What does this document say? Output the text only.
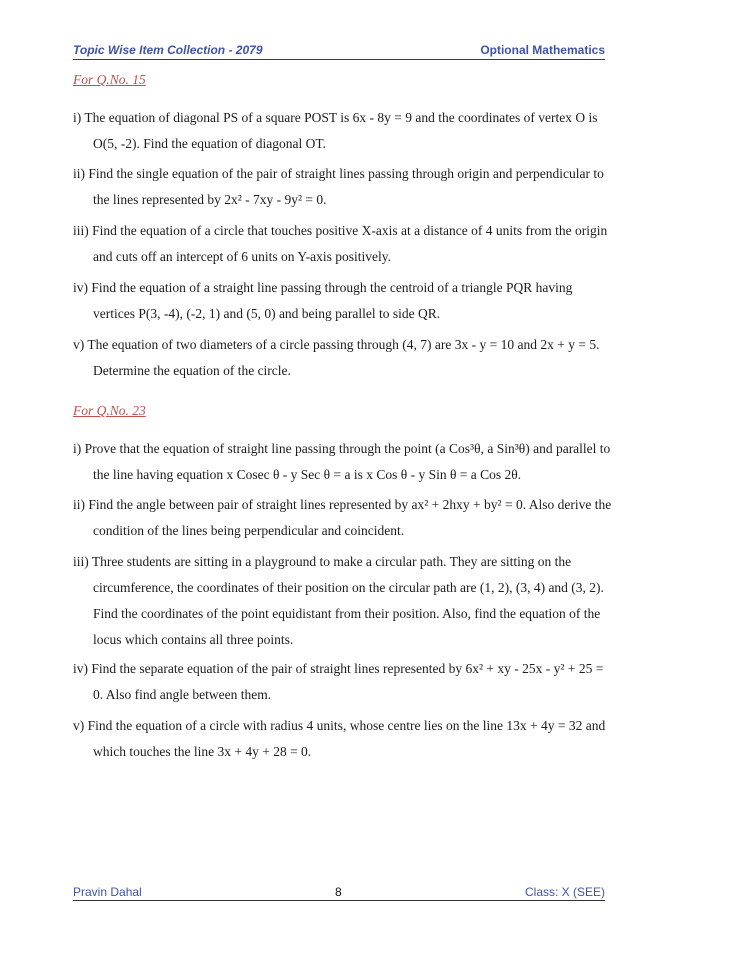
Topic Wise Item Collection - 2079	Optional Mathematics
For Q.No. 15
i) The equation of diagonal PS of a square POST is 6x - 8y = 9 and the coordinates of vertex O is
O(5, -2). Find the equation of diagonal OT.
ii) Find the single equation of the pair of straight lines passing through origin and perpendicular to
the lines represented by 2x² - 7xy - 9y² = 0.
iii) Find the equation of a circle that touches positive X-axis at a distance of 4 units from the origin
and cuts off an intercept of 6 units on Y-axis positively.
iv) Find the equation of a straight line passing through the centroid of a triangle PQR having
vertices P(3, -4), (-2, 1) and (5, 0) and being parallel to side QR.
v) The equation of two diameters of a circle passing through (4, 7) are 3x - y = 10 and 2x + y = 5.
Determine the equation of the circle.
For Q.No. 23
i) Prove that the equation of straight line passing through the point (a Cos³θ, a Sin³θ) and parallel to
the line having equation x Cosec θ - y Sec θ = a is x Cos θ - y Sin θ = a Cos 2θ.
ii) Find the angle between pair of straight lines represented by ax² + 2hxy + by² = 0. Also derive the
condition of the lines being perpendicular and coincident.
iii) Three students are sitting in a playground to make a circular path. They are sitting on the
circumference, the coordinates of their position on the circular path are (1, 2), (3, 4) and (3, 2).
Find the coordinates of the point equidistant from their position. Also, find the equation of the
locus which contains all three points.
iv) Find the separate equation of the pair of straight lines represented by 6x² + xy - 25x - y² + 25 =
0. Also find angle between them.
v) Find the equation of a circle with radius 4 units, whose centre lies on the line 13x + 4y = 32 and
which touches the line 3x + 4y + 28 = 0.
Pravin Dahal	8	Class: X (SEE)
